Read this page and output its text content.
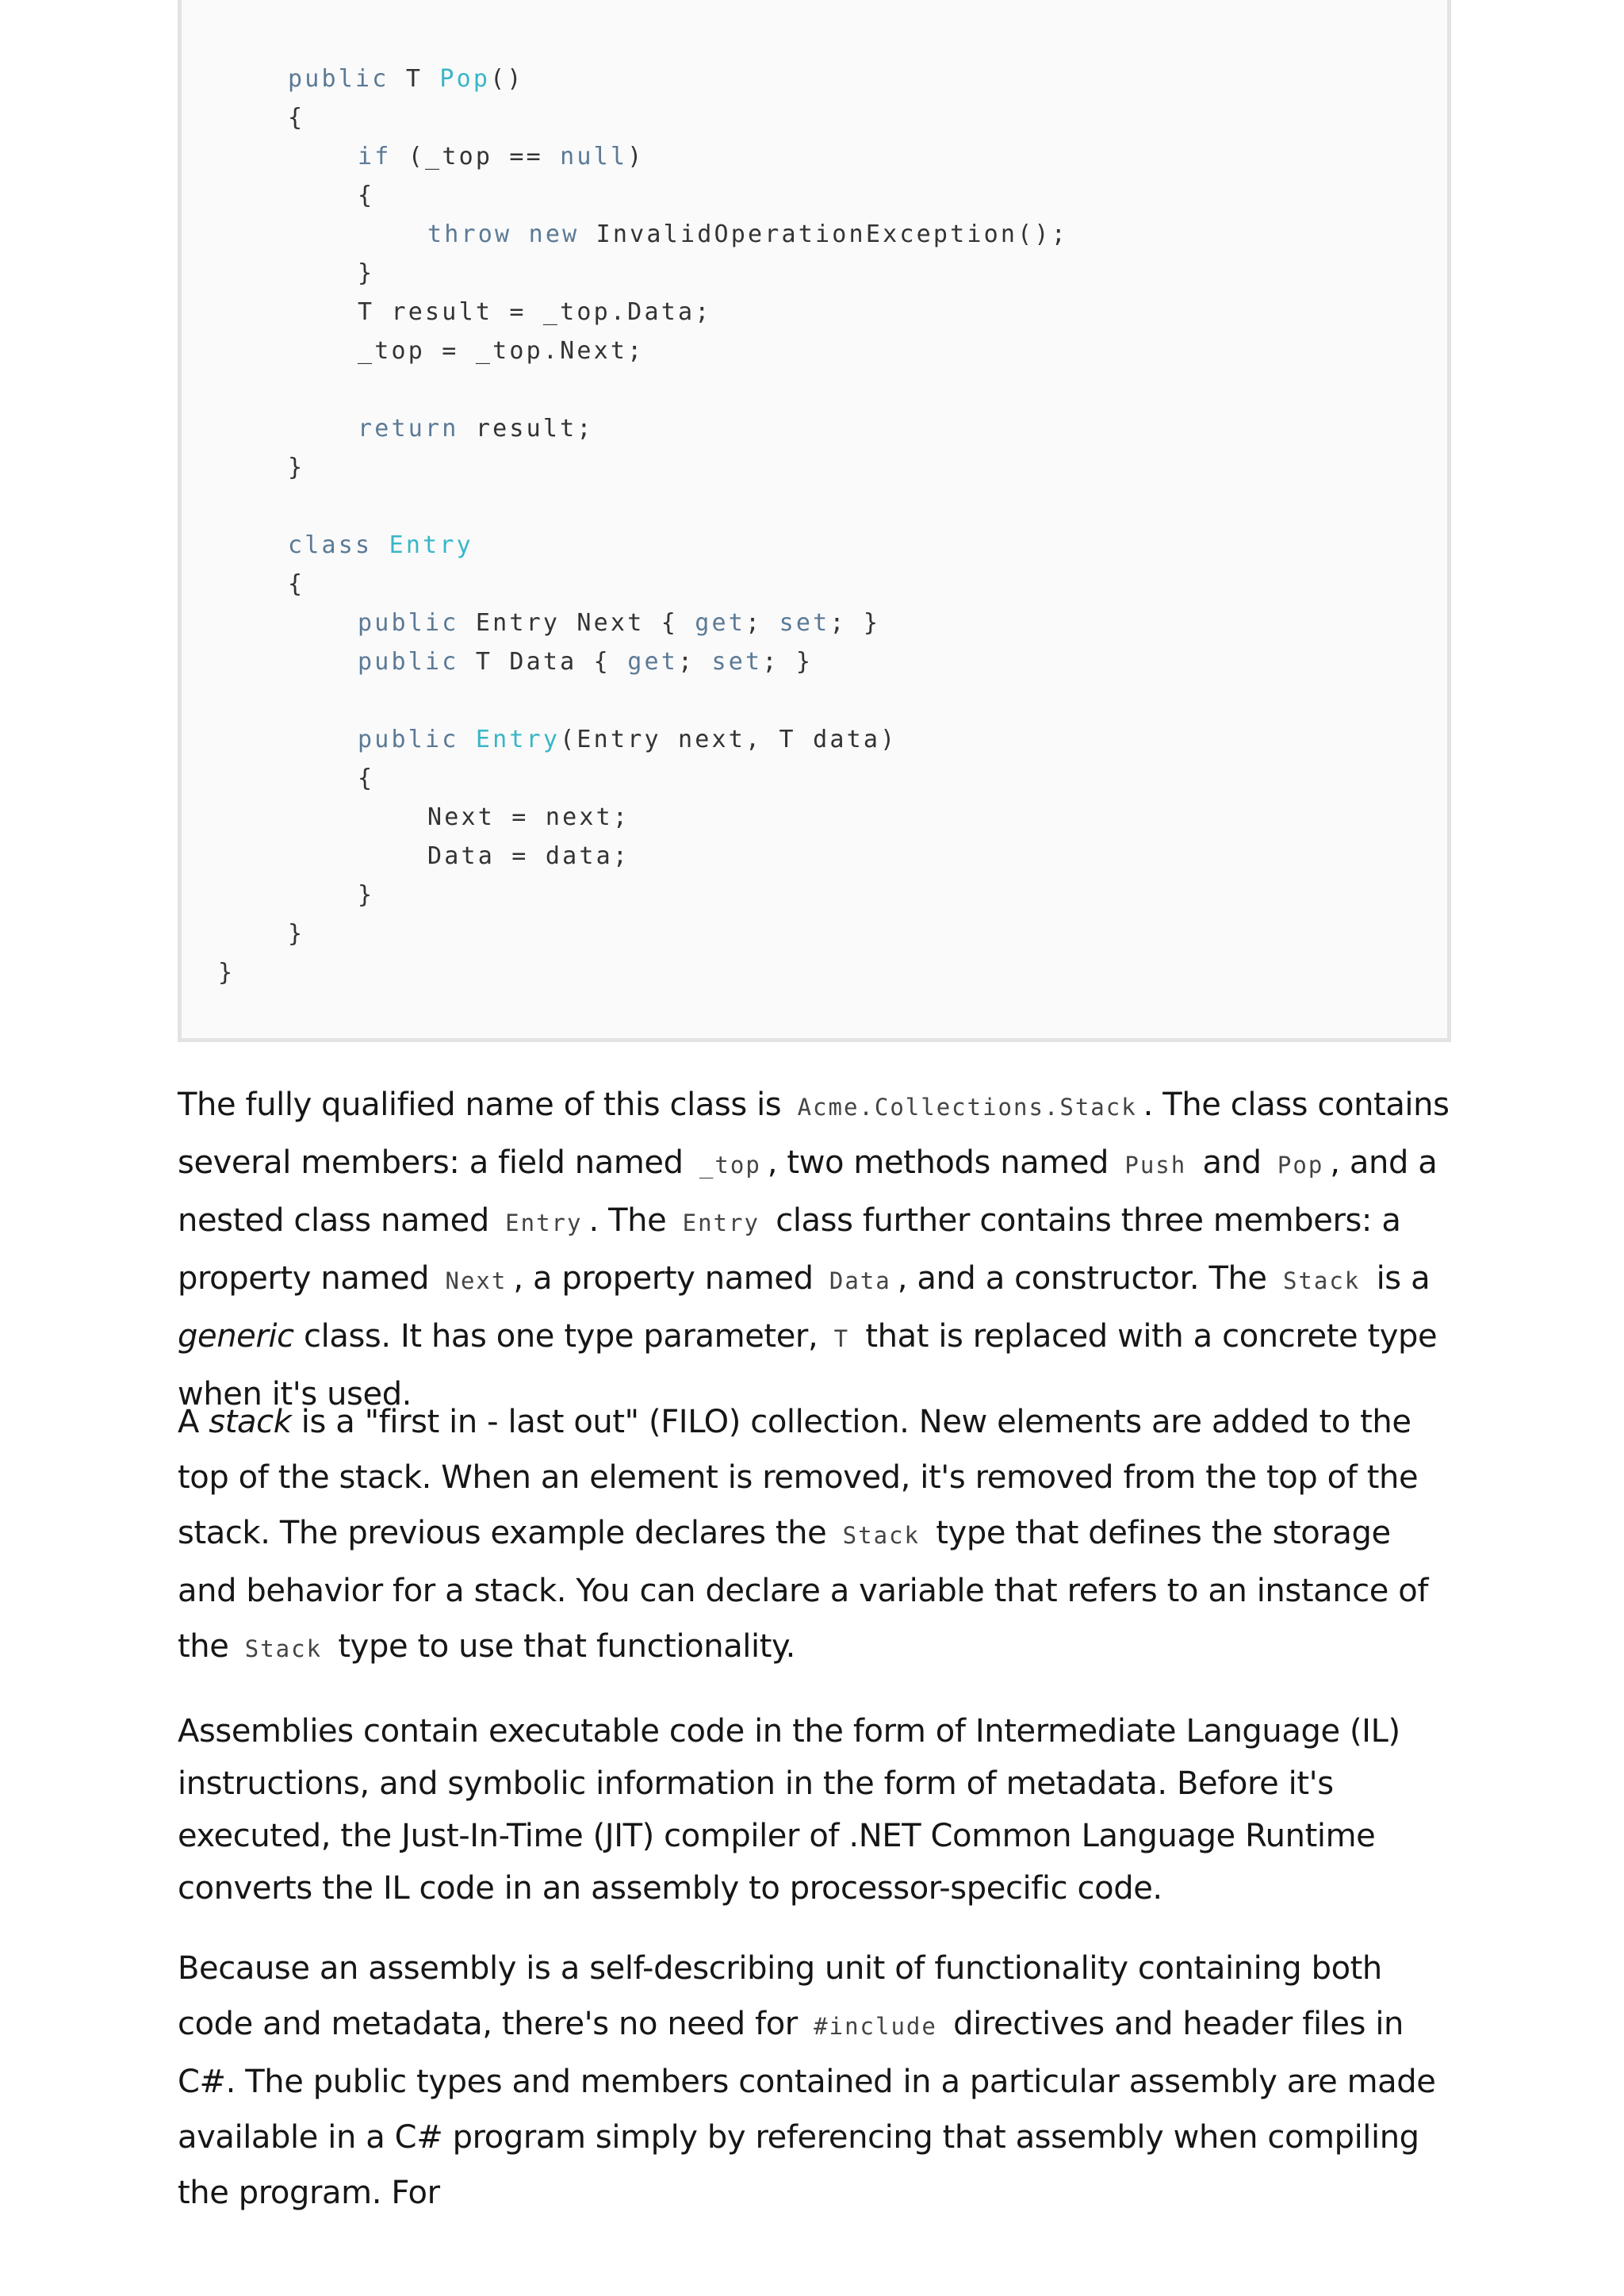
public T Pop()
{
if (_top == null)
{
throw new InvalidOperationException();
}
T result = _top.Data;
_top = _top.Next;
return result;
}
class Entry
{
public Entry Next { get; set; }
public T Data { get; set; }
public Entry(Entry next, T data)
{
Next = next;
Data = data;
}
}
}

The fully qualified name of this class is Acme.Collections.Stack . The class contains several members: a field named _top , two methods named Push and Pop , and a nested class named Entry . The Entry class further contains three members: a property named Next , a property named Data , and a constructor. The Stack is a generic class. It has one type parameter, T that is replaced with a concrete type when it's used.

A stack is a "first in - last out" (FILO) collection. New elements are added to the top of the stack. When an element is removed, it's removed from the top of the stack. The previous example declares the Stack type that defines the storage and behavior for a stack. You can declare a variable that refers to an instance of the Stack type to use that functionality.

Assemblies contain executable code in the form of Intermediate Language (IL) instructions, and symbolic information in the form of metadata. Before it's executed, the Just-In-Time (JIT) compiler of .NET Common Language Runtime converts the IL code in an assembly to processor-specific code.

Because an assembly is a self-describing unit of functionality containing both code and metadata, there's no need for #include directives and header files in C#. The public types and members contained in a particular assembly are made available in a C# program simply by referencing that assembly when compiling the program. For
